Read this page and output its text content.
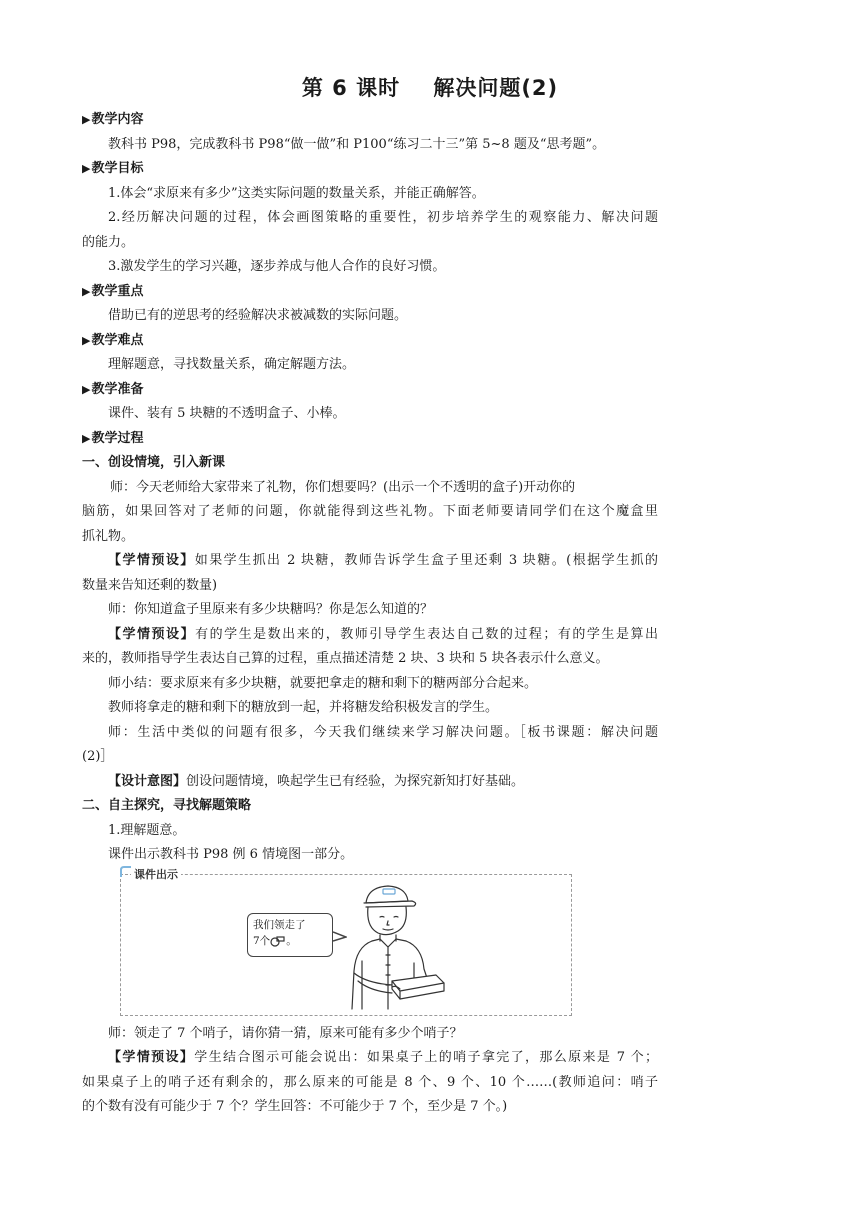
第 6 课时    解决问题(2)
▶教学内容
教科书 P98，完成教科书 P98“做一做”和 P100“练习二十三”第 5~8 题及“思考题”。
▶教学目标
1.体会“求原来有多少”这类实际问题的数量关系，并能正确解答。
2.经历解决问题的过程，体会画图策略的重要性，初步培养学生的观察能力、解决问题
的能力。
3.激发学生的学习兴趣，逐步养成与他人合作的良好习惯。
▶教学重点
借助已有的逆思考的经验解决求被减数的实际问题。
▶教学难点
理解题意，寻找数量关系，确定解题方法。
▶教学准备
课件、装有 5 块糖的不透明盒子、小棒。
▶教学过程
一、创设情境，引入新课
师：今天老师给大家带来了礼物，你们想要吗？(出示一个不透明的盒子)开动你的
脑筋，如果回答对了老师的问题，你就能得到这些礼物。下面老师要请同学们在这个魔盒里
抓礼物。
【学情预设】如果学生抓出 2 块糖，教师告诉学生盒子里还剩 3 块糖。(根据学生抓的
数量来告知还剩的数量)
师：你知道盒子里原来有多少块糖吗？你是怎么知道的？
【学情预设】有的学生是数出来的，教师引导学生表达自己数的过程；有的学生是算出
来的，教师指导学生表达自己算的过程，重点描述清楚 2 块、3 块和 5 块各表示什么意义。
师小结：要求原来有多少块糖，就要把拿走的糖和剩下的糖两部分合起来。
教师将拿走的糖和剩下的糖放到一起，并将糖发给积极发言的学生。
师：生活中类似的问题有很多，今天我们继续来学习解决问题。［板书课题：解决问题
(2)］
【设计意图】创设问题情境，唤起学生已有经验，为探究新知打好基础。
二、自主探究，寻找解题策略
1.理解题意。
课件出示教科书 P98 例 6 情境图一部分。
课件出示
我们领走了
7个 。
师：领走了 7 个哨子，请你猜一猜，原来可能有多少个哨子？
【学情预设】学生结合图示可能会说出：如果桌子上的哨子拿完了，那么原来是 7 个；
如果桌子上的哨子还有剩余的，那么原来的可能是 8 个、9 个、10 个……(教师追问：哨子
的个数有没有可能少于 7 个？学生回答：不可能少于 7 个，至少是 7 个。)
